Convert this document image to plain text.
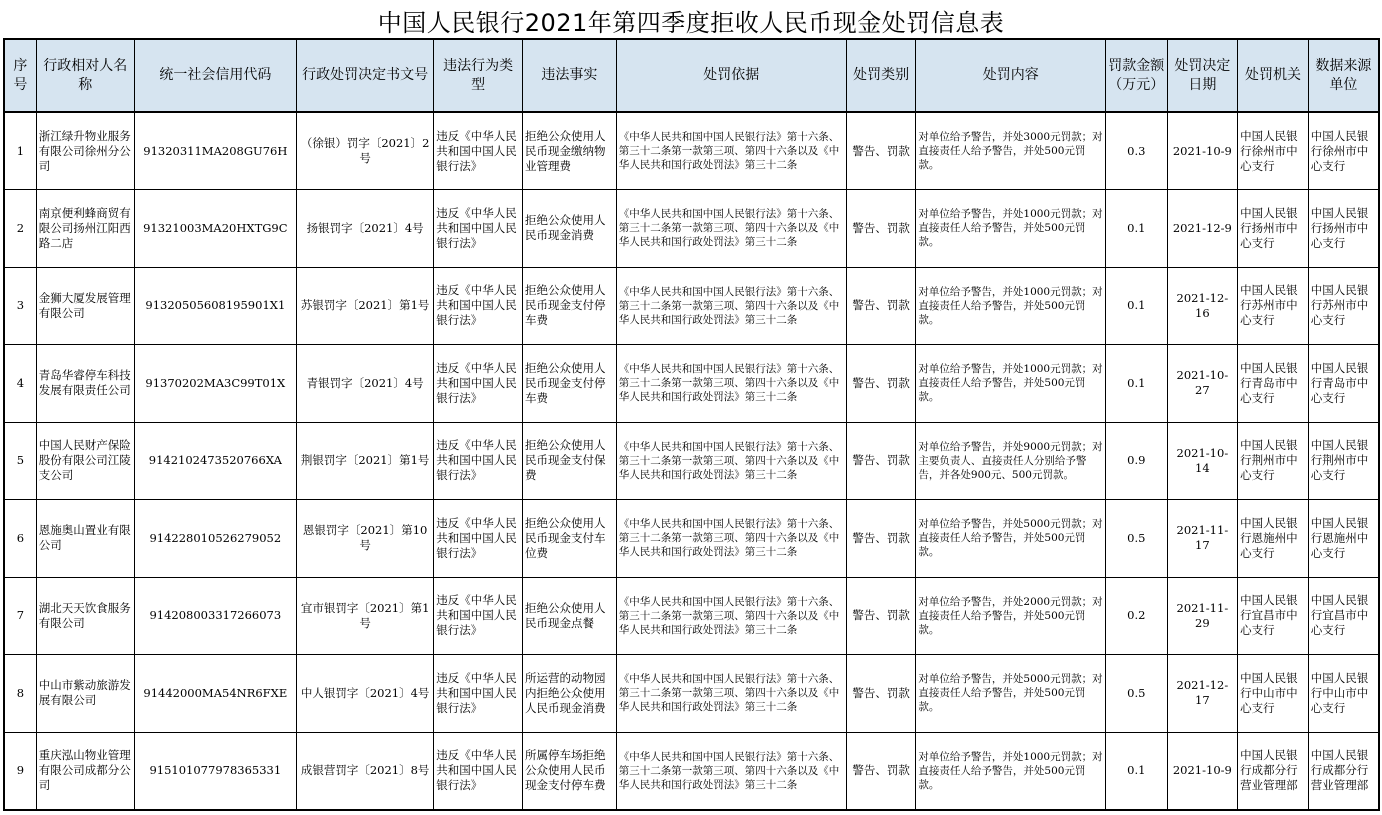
中国人民银行2021年第四季度拒收人民币现金处罚信息表
序号	行政相对人名称	统一社会信用代码	行政处罚决定书文号	违法行为类型	违法事实	处罚依据	处罚类别	处罚内容	罚款金额（万元）	处罚决定日期	处罚机关	数据来源单位
1	浙江绿升物业服务有限公司徐州分公司	91320311MA208GU76H	（徐银）罚字〔2021〕2号	违反《中华人民共和国中国人民银行法》	拒绝公众使用人民币现金缴纳物业管理费	《中华人民共和国中国人民银行法》第十六条、第三十二条第一款第三项、第四十六条以及《中华人民共和国行政处罚法》第三十二条	警告、罚款	对单位给予警告，并处3000元罚款；对直接责任人给予警告，并处500元罚款。	0.3	2021-10-9	中国人民银行徐州市中心支行	中国人民银行徐州市中心支行
2	南京便利蜂商贸有限公司扬州江阳西路二店	91321003MA20HXTG9C	扬银罚字〔2021〕4号	违反《中华人民共和国中国人民银行法》	拒绝公众使用人民币现金消费	《中华人民共和国中国人民银行法》第十六条、第三十二条第一款第三项、第四十六条以及《中华人民共和国行政处罚法》第三十二条	警告、罚款	对单位给予警告，并处1000元罚款；对直接责任人给予警告，并处500元罚款。	0.1	2021-12-9	中国人民银行扬州市中心支行	中国人民银行扬州市中心支行
3	金狮大厦发展管理有限公司	91320505608195901X1	苏银罚字〔2021〕第1号	违反《中华人民共和国中国人民银行法》	拒绝公众使用人民币现金支付停车费	《中华人民共和国中国人民银行法》第十六条、第三十二条第一款第三项、第四十六条以及《中华人民共和国行政处罚法》第三十二条	警告、罚款	对单位给予警告，并处1000元罚款；对直接责任人给予警告，并处500元罚款。	0.1	2021-12-16	中国人民银行苏州市中心支行	中国人民银行苏州市中心支行
4	青岛华睿停车科技发展有限责任公司	91370202MA3C99T01X	青银罚字〔2021〕4号	违反《中华人民共和国中国人民银行法》	拒绝公众使用人民币现金支付停车费	《中华人民共和国中国人民银行法》第十六条、第三十二条第一款第三项、第四十六条以及《中华人民共和国行政处罚法》第三十二条	警告、罚款	对单位给予警告，并处1000元罚款；对直接责任人给予警告，并处500元罚款。	0.1	2021-10-27	中国人民银行青岛市中心支行	中国人民银行青岛市中心支行
5	中国人民财产保险股份有限公司江陵支公司	9142102473520766XA	荆银罚字〔2021〕第1号	违反《中华人民共和国中国人民银行法》	拒绝公众使用人民币现金支付保费	《中华人民共和国中国人民银行法》第十六条、第三十二条第一款第三项、第四十六条以及《中华人民共和国行政处罚法》第三十二条	警告、罚款	对单位给予警告，并处9000元罚款；对主要负责人、直接责任人分别给予警告，并各处900元、500元罚款。	0.9	2021-10-14	中国人民银行荆州市中心支行	中国人民银行荆州市中心支行
6	恩施奥山置业有限公司	914228010526279052	恩银罚字〔2021〕第10号	违反《中华人民共和国中国人民银行法》	拒绝公众使用人民币现金支付车位费	《中华人民共和国中国人民银行法》第十六条、第三十二条第一款第三项、第四十六条以及《中华人民共和国行政处罚法》第三十二条	警告、罚款	对单位给予警告，并处5000元罚款；对直接责任人给予警告，并处500元罚款。	0.5	2021-11-17	中国人民银行恩施州中心支行	中国人民银行恩施州中心支行
7	湖北天天饮食服务有限公司	914208003317266073	宜市银罚字〔2021〕第1号	违反《中华人民共和国中国人民银行法》	拒绝公众使用人民币现金点餐	《中华人民共和国中国人民银行法》第十六条、第三十二条第一款第三项、第四十六条以及《中华人民共和国行政处罚法》第三十二条	警告、罚款	对单位给予警告，并处2000元罚款；对直接责任人给予警告，并处500元罚款。	0.2	2021-11-29	中国人民银行宜昌市中心支行	中国人民银行宜昌市中心支行
8	中山市紫动旅游发展有限公司	91442000MA54NR6FXE	中人银罚字〔2021〕4号	违反《中华人民共和国中国人民银行法》	所运营的动物园内拒绝公众使用人民币现金消费	《中华人民共和国中国人民银行法》第十六条、第三十二条第一款第三项、第四十六条以及《中华人民共和国行政处罚法》第三十二条	警告、罚款	对单位给予警告，并处5000元罚款；对直接责任人给予警告，并处500元罚款。	0.5	2021-12-17	中国人民银行中山市中心支行	中国人民银行中山市中心支行
9	重庆泓山物业管理有限公司成都分公司	915101077978365331	成银营罚字〔2021〕8号	违反《中华人民共和国中国人民银行法》	所属停车场拒绝公众使用人民币现金支付停车费	《中华人民共和国中国人民银行法》第十六条、第三十二条第一款第三项、第四十六条以及《中华人民共和国行政处罚法》第三十二条	警告、罚款	对单位给予警告，并处1000元罚款；对直接责任人给予警告，并处500元罚款。	0.1	2021-10-9	中国人民银行成都分行营业管理部	中国人民银行成都分行营业管理部
